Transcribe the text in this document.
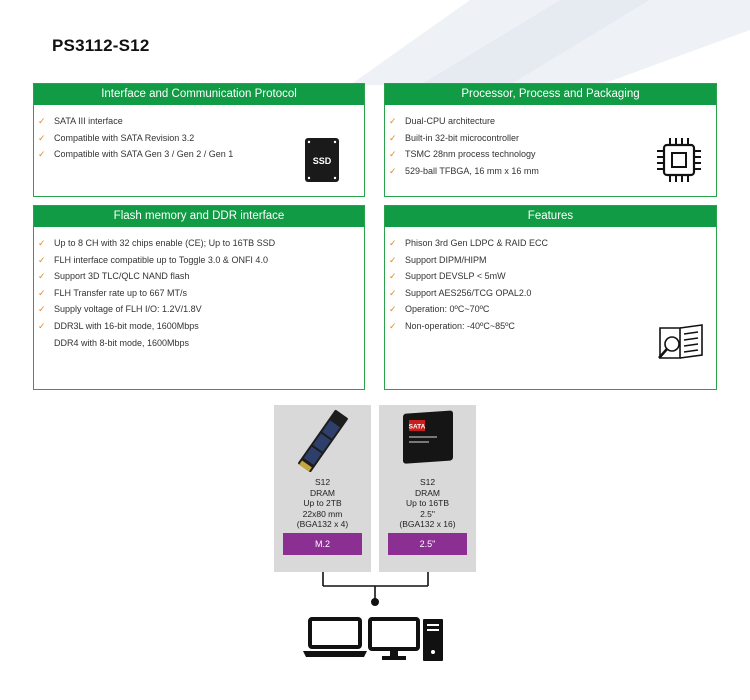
PS3112-S12
Interface and Communication Protocol
✓ SATA III interface
✓ Compatible with SATA Revision 3.2
✓ Compatible with SATA Gen 3 / Gen 2 / Gen 1
SSD
Processor, Process and Packaging
✓ Dual-CPU architecture
✓ Built-in 32-bit microcontroller
✓ TSMC 28nm process technology
✓ 529-ball TFBGA, 16 mm x 16 mm
Flash memory and DDR interface
✓ Up to 8 CH with 32 chips enable (CE); Up to 16TB SSD
✓ FLH interface compatible up to Toggle 3.0 & ONFI 4.0
✓ Support 3D TLC/QLC NAND flash
✓ FLH Transfer rate up to 667 MT/s
✓ Supply voltage of FLH I/O: 1.2V/1.8V
✓ DDR3L with 16-bit mode, 1600Mbps
DDR4 with 8-bit mode, 1600Mbps
Features
✓ Phison 3rd Gen LDPC & RAID ECC
✓ Support DIPM/HIPM
✓ Support DEVSLP < 5mW
✓ Support AES256/TCG OPAL2.0
✓ Operation: 0ºC~70ºC
✓ Non-operation: -40ºC~85ºC
S12
DRAM
Up to 2TB
22x80 mm
(BGA132 x 4)
M.2
SATA
S12
DRAM
Up to 16TB
2.5"
(BGA132 x 16)
2.5"
